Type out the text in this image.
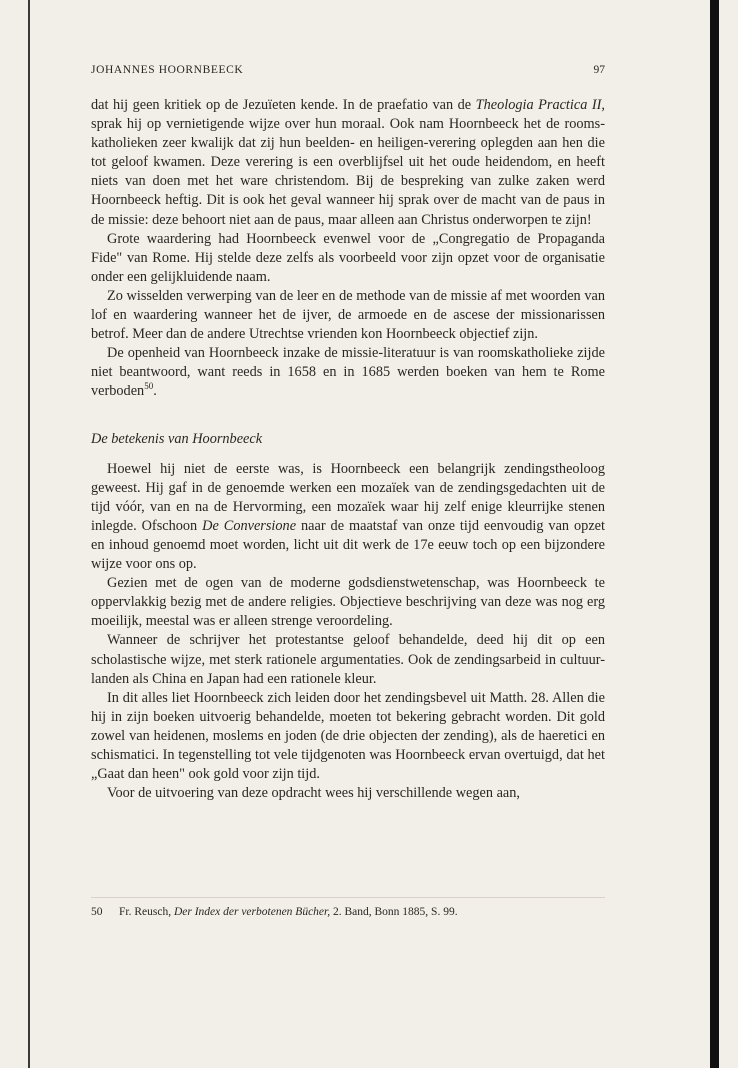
JOHANNES HOORNBEECK	97

dat hij geen kritiek op de Jezuïeten kende. In de praefatio van de Theologia Practica II, sprak hij op vernietigende wijze over hun moraal. Ook nam Hoornbeeck het de rooms-katholieken zeer kwalijk dat zij hun beelden- en heiligen-verering oplegden aan hen die tot geloof kwamen. Deze verering is een overblijfsel uit het oude heidendom, en heeft niets van doen met het ware christendom. Bij de bespreking van zulke zaken werd Hoornbeeck heftig. Dit is ook het geval wanneer hij sprak over de macht van de paus in de missie: deze behoort niet aan de paus, maar alleen aan Christus onderworpen te zijn!

Grote waardering had Hoornbeeck evenwel voor de „Congregatio de Propaganda Fide" van Rome. Hij stelde deze zelfs als voorbeeld voor zijn opzet voor de organisatie onder een gelijkluidende naam.

Zo wisselden verwerping van de leer en de methode van de missie af met woorden van lof en waardering wanneer het de ijver, de armoede en de ascese der missionarissen betrof. Meer dan de andere Utrechtse vrienden kon Hoornbeeck objectief zijn.

De openheid van Hoornbeeck inzake de missie-literatuur is van roomskatholieke zijde niet beantwoord, want reeds in 1658 en in 1685 werden boeken van hem te Rome verboden$^{50}$.

De betekenis van Hoornbeeck

Hoewel hij niet de eerste was, is Hoornbeeck een belangrijk zendingstheoloog geweest. Hij gaf in de genoemde werken een mozaïek van de zendingsgedachten uit de tijd vóór, van en na de Hervorming, een mozaïek waar hij zelf enige kleurrijke stenen inlegde. Ofschoon De Conversione naar de maatstaf van onze tijd eenvoudig van opzet en inhoud genoemd moet worden, licht uit dit werk de 17e eeuw toch op een bijzondere wijze voor ons op.

Gezien met de ogen van de moderne godsdienstwetenschap, was Hoornbeeck te oppervlakkig bezig met de andere religies. Objectieve beschrijving van deze was nog erg moeilijk, meestal was er alleen strenge veroordeling.

Wanneer de schrijver het protestantse geloof behandelde, deed hij dit op een scholastische wijze, met sterk rationele argumentaties. Ook de zendingsarbeid in cultuur-landen als China en Japan had een rationele kleur.

In dit alles liet Hoornbeeck zich leiden door het zendingsbevel uit Matth. 28. Allen die hij in zijn boeken uitvoerig behandelde, moeten tot bekering gebracht worden. Dit gold zowel van heidenen, moslems en joden (de drie objecten der zending), als de haeretici en schismatici. In tegenstelling tot vele tijdgenoten was Hoornbeeck ervan overtuigd, dat het „Gaat dan heen" ook gold voor zijn tijd.

Voor de uitvoering van deze opdracht wees hij verschillende wegen aan,

50 Fr. Reusch, Der Index der verbotenen Bücher, 2. Band, Bonn 1885, S. 99.
